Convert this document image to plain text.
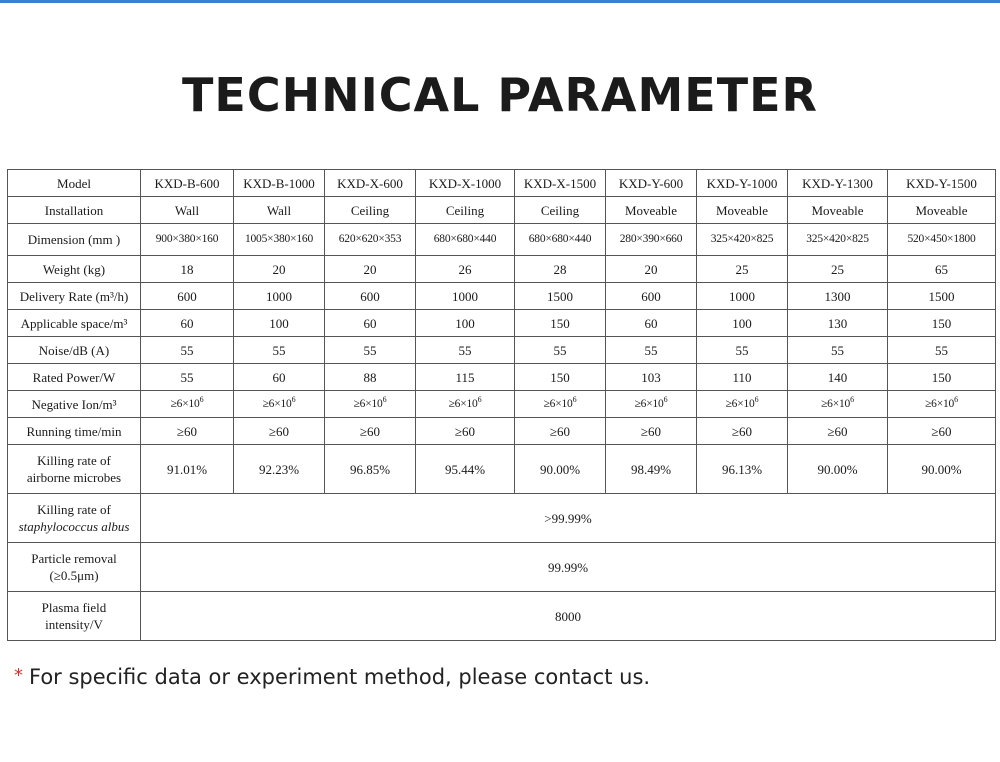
TECHNICAL PARAMETER
Model	KXD-B-600	KXD-B-1000	KXD-X-600	KXD-X-1000	KXD-X-1500	KXD-Y-600	KXD-Y-1000	KXD-Y-1300	KXD-Y-1500
Installation	Wall	Wall	Ceiling	Ceiling	Ceiling	Moveable	Moveable	Moveable	Moveable
Dimension (mm )	900×380×160	1005×380×160	620×620×353	680×680×440	680×680×440	280×390×660	325×420×825	325×420×825	520×450×1800
Weight (kg)	18	20	20	26	28	20	25	25	65
Delivery Rate (m³/h)	600	1000	600	1000	1500	600	1000	1300	1500
Applicable space/m³	60	100	60	100	150	60	100	130	150
Noise/dB (A)	55	55	55	55	55	55	55	55	55
Rated Power/W	55	60	88	115	150	103	110	140	150
Negative Ion/m³	$\ge 6\times 10^6$	$\ge 6\times 10^6$	$\ge 6\times 10^6$	$\ge 6\times 10^6$	$\ge 6\times 10^6$	$\ge 6\times 10^6$	$\ge 6\times 10^6$	$\ge 6\times 10^6$	$\ge 6\times 10^6$
Running time/min	≥60	≥60	≥60	≥60	≥60	≥60	≥60	≥60	≥60

Killing rate of
airborne microbes	91.01%	92.23%	96.85%	95.44%	90.00%	98.49%	96.13%	90.00%	90.00%

Killing rate of
staphylococcus albus	>99.99%								

Particle removal
(≥0.5μm)	99.99%								

Plasma field
intensity/V	8000								
* For specific data or experiment method, please contact us.
